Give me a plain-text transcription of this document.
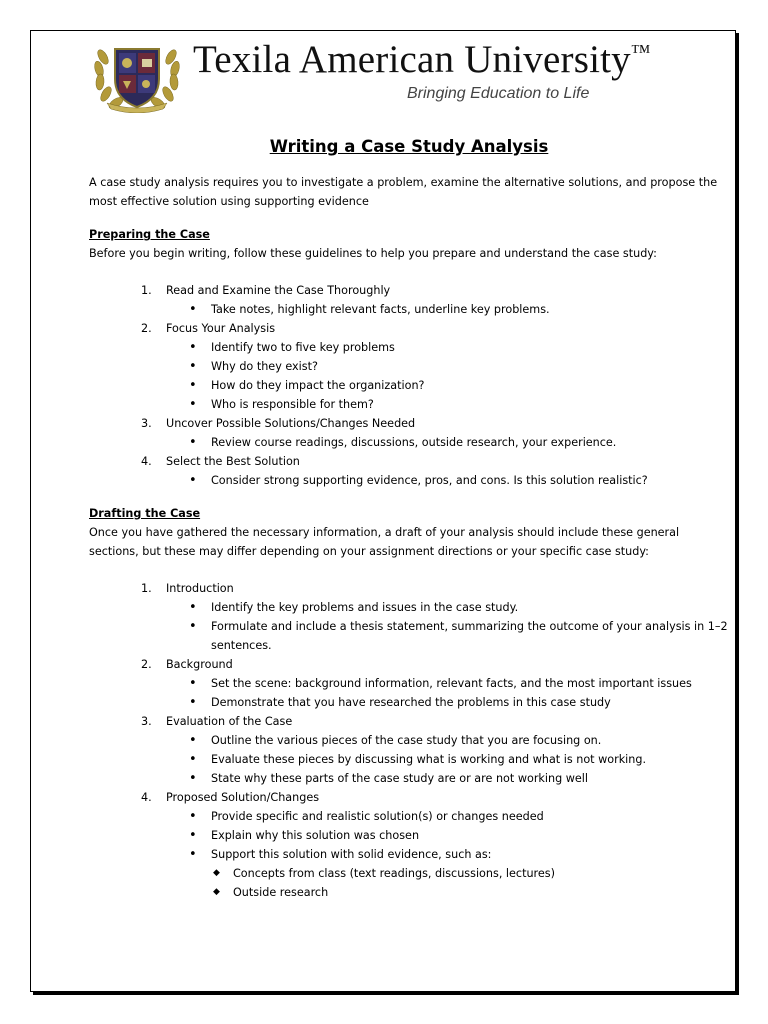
Texila American University™
Bringing Education to Life
Writing a Case Study Analysis

A case study analysis requires you to investigate a problem, examine the alternative solutions, and propose the most effective solution using supporting evidence

Preparing the Case

Before you begin writing, follow these guidelines to help you prepare and understand the case study:

1. Read and Examine the Case Thoroughly
• Take notes, highlight relevant facts, underline key problems.
2. Focus Your Analysis
• Identify two to five key problems
• Why do they exist?
• How do they impact the organization?
• Who is responsible for them?
3. Uncover Possible Solutions/Changes Needed
• Review course readings, discussions, outside research, your experience.
4. Select the Best Solution
• Consider strong supporting evidence, pros, and cons. Is this solution realistic?

Drafting the Case

Once you have gathered the necessary information, a draft of your analysis should include these general sections, but these may differ depending on your assignment directions or your specific case study:

1. Introduction
• Identify the key problems and issues in the case study.
• Formulate and include a thesis statement, summarizing the outcome of your analysis in 1–2 sentences.
2. Background
• Set the scene: background information, relevant facts, and the most important issues
• Demonstrate that you have researched the problems in this case study
3. Evaluation of the Case
• Outline the various pieces of the case study that you are focusing on.
• Evaluate these pieces by discussing what is working and what is not working.
• State why these parts of the case study are or are not working well
4. Proposed Solution/Changes
• Provide specific and realistic solution(s) or changes needed
• Explain why this solution was chosen
• Support this solution with solid evidence, such as:
◆ Concepts from class (text readings, discussions, lectures)
◆ Outside research
